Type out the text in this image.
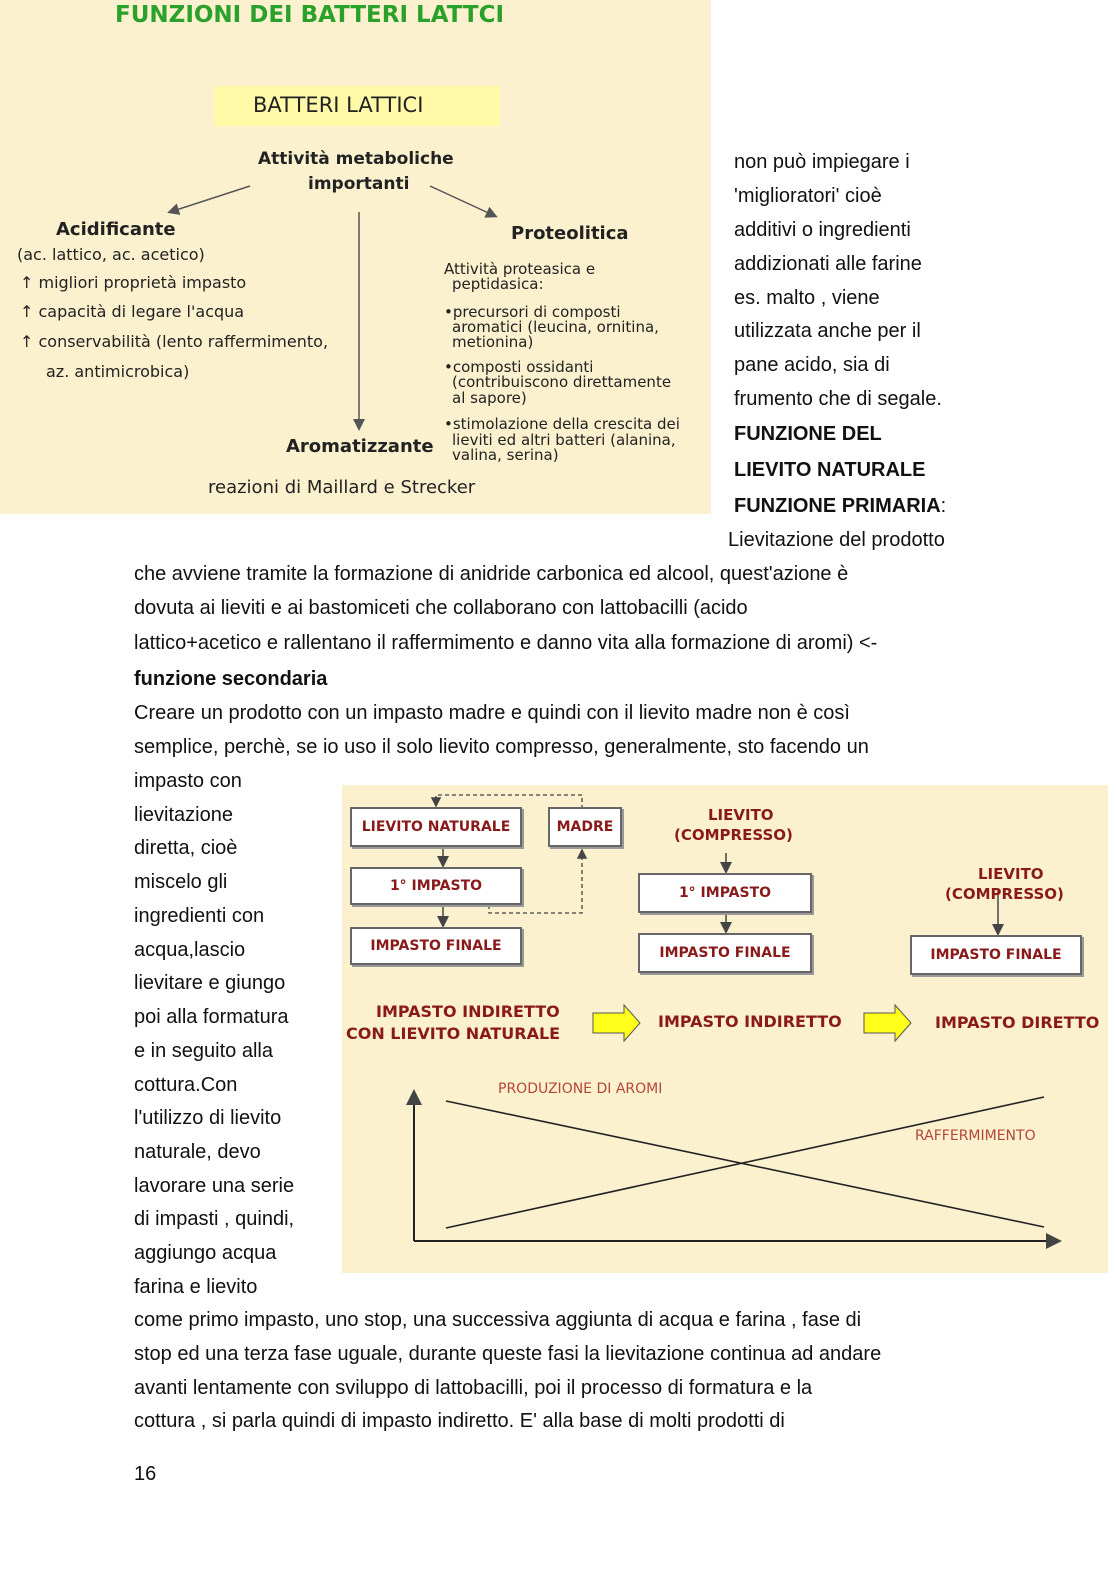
FUNZIONI DEI BATTERI LATTCI
BATTERI LATTICI
Attività metaboliche
importanti
Acidificante
(ac. lattico, ac. acetico)
↑ migliori proprietà impasto
↑ capacità di legare l'acqua
↑ conservabilità (lento raffermimento,
az. antimicrobica)
Proteolitica
Attività proteasica e
peptidasica:
•precursori di composti
aromatici (leucina, ornitina,
metionina)
•composti ossidanti
(contribuiscono direttamente
al sapore)
•stimolazione della crescita dei
lieviti ed altri batteri (alanina,
valina, serina)
Aromatizzante
reazioni di Maillard e Strecker
non può impiegare i
'miglioratori' cioè
additivi o ingredienti
addizionati alle farine
es. malto , viene
utilizzata anche per il
pane acido, sia di
frumento che di segale.
FUNZIONE DEL
LIEVITO NATURALE
FUNZIONE PRIMARIA:
Lievitazione del prodotto
che avviene tramite la formazione di anidride carbonica ed alcool, quest'azione è
dovuta ai lieviti e ai bastomiceti che collaborano con lattobacilli (acido
lattico+acetico e rallentano il raffermimento e danno vita alla formazione di aromi) <-
funzione secondaria
Creare un prodotto con un impasto madre e quindi con il lievito madre non è così
semplice, perchè, se io uso il solo lievito compresso, generalmente, sto facendo un
impasto con
lievitazione
diretta, cioè
miscelo gli
ingredienti con
acqua,lascio
lievitare e giungo
poi alla formatura
e in seguito alla
cottura.Con
l'utilizzo di lievito
naturale, devo
lavorare una serie
di impasti , quindi,
aggiungo acqua
farina e lievito
LIEVITO NATURALE	MADRE
1° IMPASTO
IMPASTO FINALE
LIEVITO
(COMPRESSO)
1° IMPASTO
IMPASTO FINALE
LIEVITO
(COMPRESSO)
IMPASTO FINALE
IMPASTO INDIRETTO
CON LIEVITO NATURALE
IMPASTO INDIRETTO	IMPASTO DIRETTO
PRODUZIONE DI AROMI
RAFFERMIMENTO
come primo impasto, uno stop, una successiva aggiunta di acqua e farina , fase di
stop ed una terza fase uguale, durante queste fasi la lievitazione continua ad andare
avanti lentamente con sviluppo di lattobacilli, poi il processo di formatura e la
cottura , si parla quindi di impasto indiretto. E' alla base di molti prodotti di
16
